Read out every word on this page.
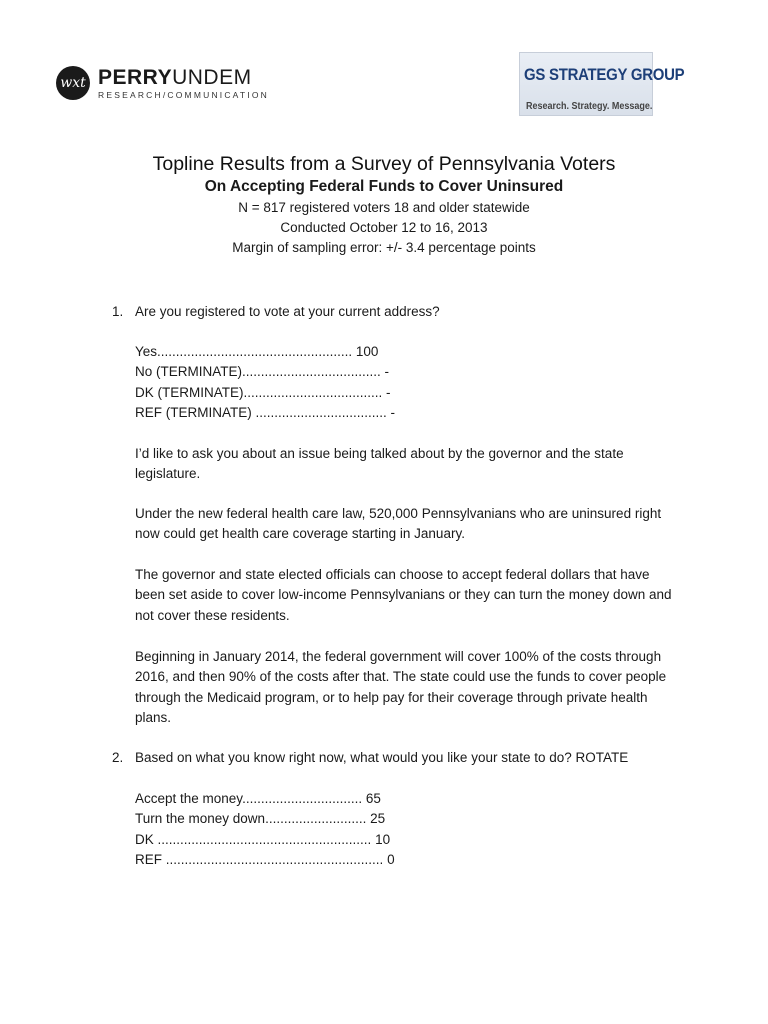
wxt PERRYUNDEM
RESEARCH/COMMUNICATION
GS STRATEGY GROUP
Research. Strategy. Message.
Topline Results from a Survey of Pennsylvania Voters
On Accepting Federal Funds to Cover Uninsured
N = 817 registered voters 18 and older statewide
Conducted October 12 to 16, 2013
Margin of sampling error: +/- 3.4 percentage points
1. Are you registered to vote at your current address?
Yes.................................................... 100
No (TERMINATE)..................................... -
DK (TERMINATE)..................................... -
REF (TERMINATE) ................................... -
I’d like to ask you about an issue being talked about by the governor and the state legislature.
Under the new federal health care law, 520,000 Pennsylvanians who are uninsured right now could get health care coverage starting in January.
The governor and state elected officials can choose to accept federal dollars that have been set aside to cover low-income Pennsylvanians or they can turn the money down and not cover these residents.
Beginning in January 2014, the federal government will cover 100% of the costs through 2016, and then 90% of the costs after that. The state could use the funds to cover people through the Medicaid program, or to help pay for their coverage through private health plans.
2. Based on what you know right now, what would you like your state to do? ROTATE
Accept the money................................ 65
Turn the money down........................... 25
DK ......................................................... 10
REF .......................................................... 0
